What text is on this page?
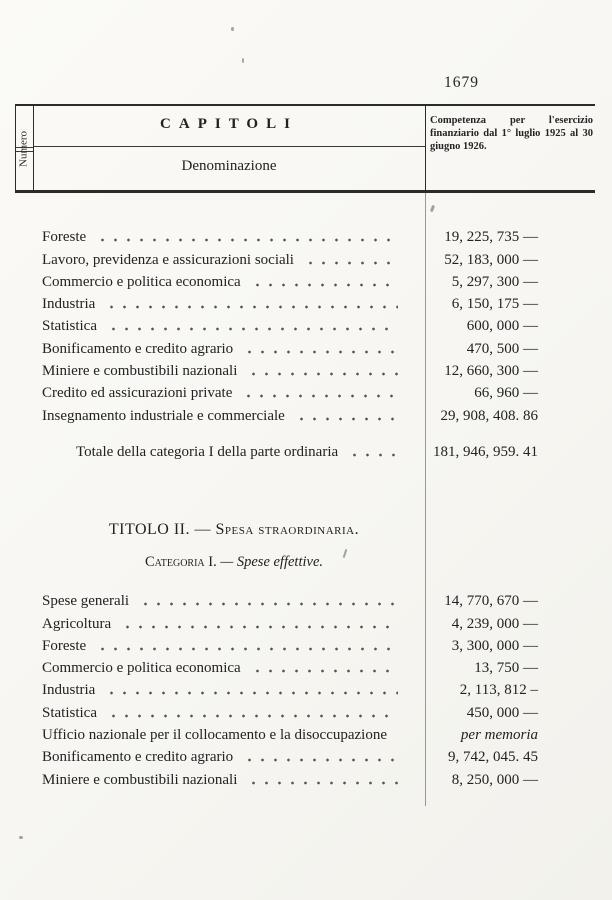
1679
CAPITOLI
Numero	Denominazione
Competenza per l'esercizio finanziario dal 1° luglio 1925 al 30 giugno 1926.
Foreste	19, 225, 735 —
Lavoro, previdenza e assicurazioni sociali	52, 183, 000 —
Commercio e politica economica	5, 297, 300 —
Industria	6, 150, 175 —
Statistica	600, 000 —
Bonificamento e credito agrario	470, 500 —
Miniere e combustibili nazionali	12, 660, 300 —
Credito ed assicurazioni private	66, 960 —
Insegnamento industriale e commerciale	29, 908, 408. 86
Totale della categoria I della parte ordinaria	181, 946, 959. 41
TITOLO II. — Spesa straordinaria.
Categoria I. — Spese effettive.
Spese generali	14, 770, 670 —
Agricoltura	4, 239, 000 —
Foreste	3, 300, 000 —
Commercio e politica economica	13, 750 —
Industria	2, 113, 812 –
Statistica	450, 000 —
Ufficio nazionale per il collocamento e la disoccupazione	per memoria
Bonificamento e credito agrario	9, 742, 045. 45
Miniere e combustibili nazionali	8, 250, 000 —
